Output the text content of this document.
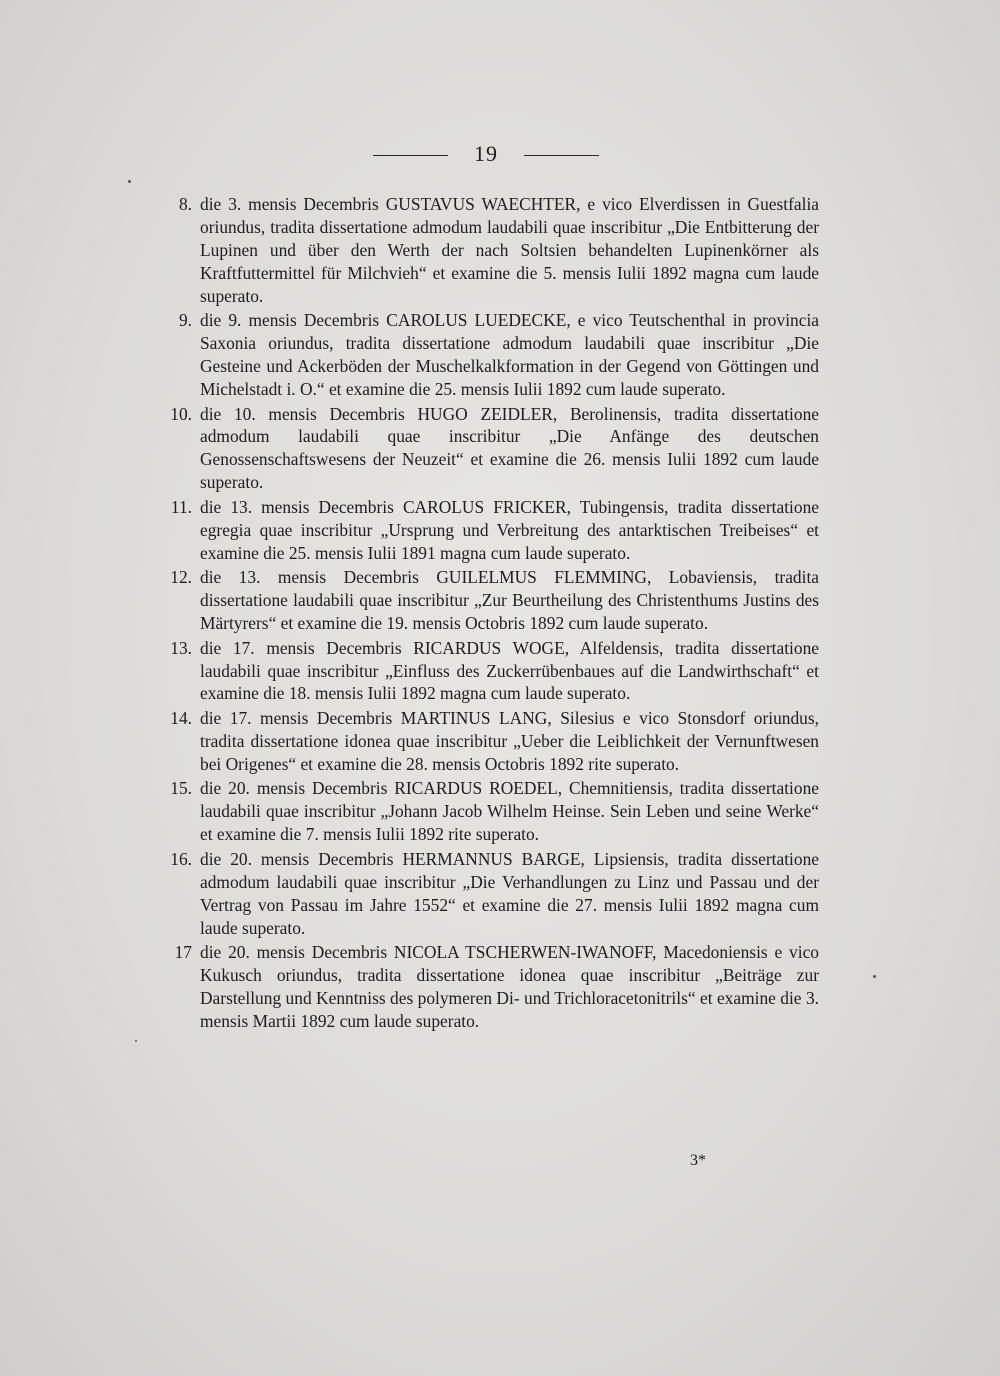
19
8. die 3. mensis Decembris GUSTAVUS WAECHTER, e vico Elverdissen in Guestfalia oriundus, tradita dissertatione admodum laudabili quae inscribitur „Die Entbitterung der Lupinen und über den Werth der nach Soltsien behandelten Lupinenkörner als Kraftfuttermittel für Milchvieh“ et examine die 5. mensis Iulii 1892 magna cum laude superato.
9. die 9. mensis Decembris CAROLUS LUEDECKE, e vico Teutschenthal in provincia Saxonia oriundus, tradita dissertatione admodum laudabili quae inscribitur „Die Gesteine und Ackerböden der Muschelkalkformation in der Gegend von Göttingen und Michelstadt i. O.“ et examine die 25. mensis Iulii 1892 cum laude superato.
10. die 10. mensis Decembris HUGO ZEIDLER, Berolinensis, tradita dissertatione admodum laudabili quae inscribitur „Die Anfänge des deutschen Genossenschaftswesens der Neuzeit“ et examine die 26. mensis Iulii 1892 cum laude superato.
11. die 13. mensis Decembris CAROLUS FRICKER, Tubingensis, tradita dissertatione egregia quae inscribitur „Ursprung und Verbreitung des antarktischen Treibeises“ et examine die 25. mensis Iulii 1891 magna cum laude superato.
12. die 13. mensis Decembris GUILELMUS FLEMMING, Lobaviensis, tradita dissertatione laudabili quae inscribitur „Zur Beurtheilung des Christenthums Justins des Märtyrers“ et examine die 19. mensis Octobris 1892 cum laude superato.
13. die 17. mensis Decembris RICARDUS WOGE, Alfeldensis, tradita dissertatione laudabili quae inscribitur „Einfluss des Zuckerrübenbaues auf die Landwirthschaft“ et examine die 18. mensis Iulii 1892 magna cum laude superato.
14. die 17. mensis Decembris MARTINUS LANG, Silesius e vico Stonsdorf oriundus, tradita dissertatione idonea quae inscribitur „Ueber die Leiblichkeit der Vernunftwesen bei Origenes“ et examine die 28. mensis Octobris 1892 rite superato.
15. die 20. mensis Decembris RICARDUS ROEDEL, Chemnitiensis, tradita dissertatione laudabili quae inscribitur „Johann Jacob Wilhelm Heinse. Sein Leben und seine Werke“ et examine die 7. mensis Iulii 1892 rite superato.
16. die 20. mensis Decembris HERMANNUS BARGE, Lipsiensis, tradita dissertatione admodum laudabili quae inscribitur „Die Verhandlungen zu Linz und Passau und der Vertrag von Passau im Jahre 1552“ et examine die 27. mensis Iulii 1892 magna cum laude superato.
17 die 20. mensis Decembris NICOLA TSCHERWEN-IWANOFF, Macedoniensis e vico Kukusch oriundus, tradita dissertatione idonea quae inscribitur „Beiträge zur Darstellung und Kenntniss des polymeren Di- und Trichloracetonitrils“ et examine die 3. mensis Martii 1892 cum laude superato.
3*
